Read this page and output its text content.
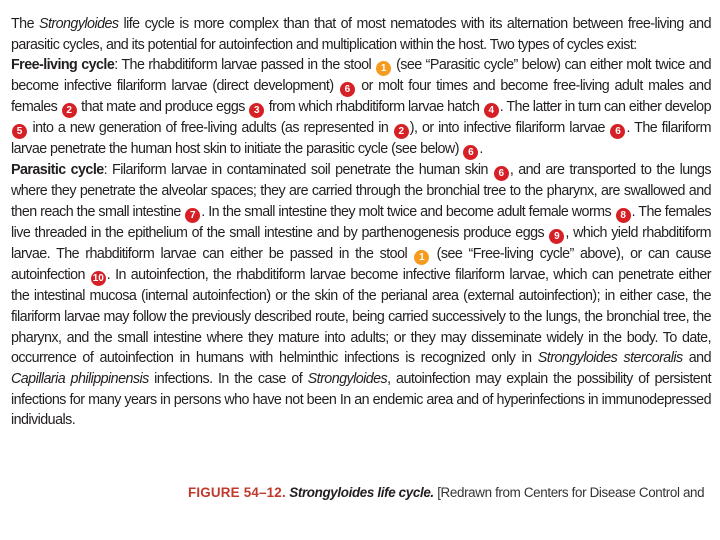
The Strongyloides life cycle is more complex than that of most nematodes with its alternation between free-living and parasitic cycles, and its potential for autoinfection and multiplication within the host. Two types of cycles exist:

Free-living cycle: The rhabditiform larvae passed in the stool 1 (see “Parasitic cycle” below) can either molt twice and become infective filariform larvae (direct development) 6 or molt four times and become free-living adult males and females 2 that mate and produce eggs 3 from which rhabditiform larvae hatch 4 . The latter in turn can either develop 5 into a new generation of free-living adults (as represented in 2 ), or into infective filariform larvae 6 . The filariform larvae penetrate the human host skin to initiate the parasitic cycle (see below) 6 .

Parasitic cycle: Filariform larvae in contaminated soil penetrate the human skin 6 , and are transported to the lungs where they penetrate the alveolar spaces; they are carried through the bronchial tree to the pharynx, are swallowed and then reach the small intestine 7 . In the small intestine they molt twice and become adult female worms 8 . The females live threaded in the epithelium of the small intestine and by parthenogenesis produce eggs 9 , which yield rhabditiform larvae. The rhabditiform larvae can either be passed in the stool 1 (see “Free-living cycle” above), or can cause autoinfection 10 . In autoinfection, the rhabditiform larvae become infective filariform larvae, which can penetrate either the intestinal mucosa (internal autoinfection) or the skin of the perianal area (external autoinfection); in either case, the filariform larvae may follow the previously described route, being carried successively to the lungs, the bronchial tree, the pharynx, and the small intestine where they mature into adults; or they may disseminate widely in the body. To date, occurrence of autoinfection in humans with helminthic infections is recognized only in Strongyloides stercoralis and Capillaria philippinensis infections. In the case of Strongyloides, autoinfection may explain the possibility of persistent infections for many years in persons who have not been In an endemic area and of hyperinfections in immunodepressed individuals.

FIGURE 54–12. Strongyloides life cycle. [Redrawn from Centers for Disease Control and
